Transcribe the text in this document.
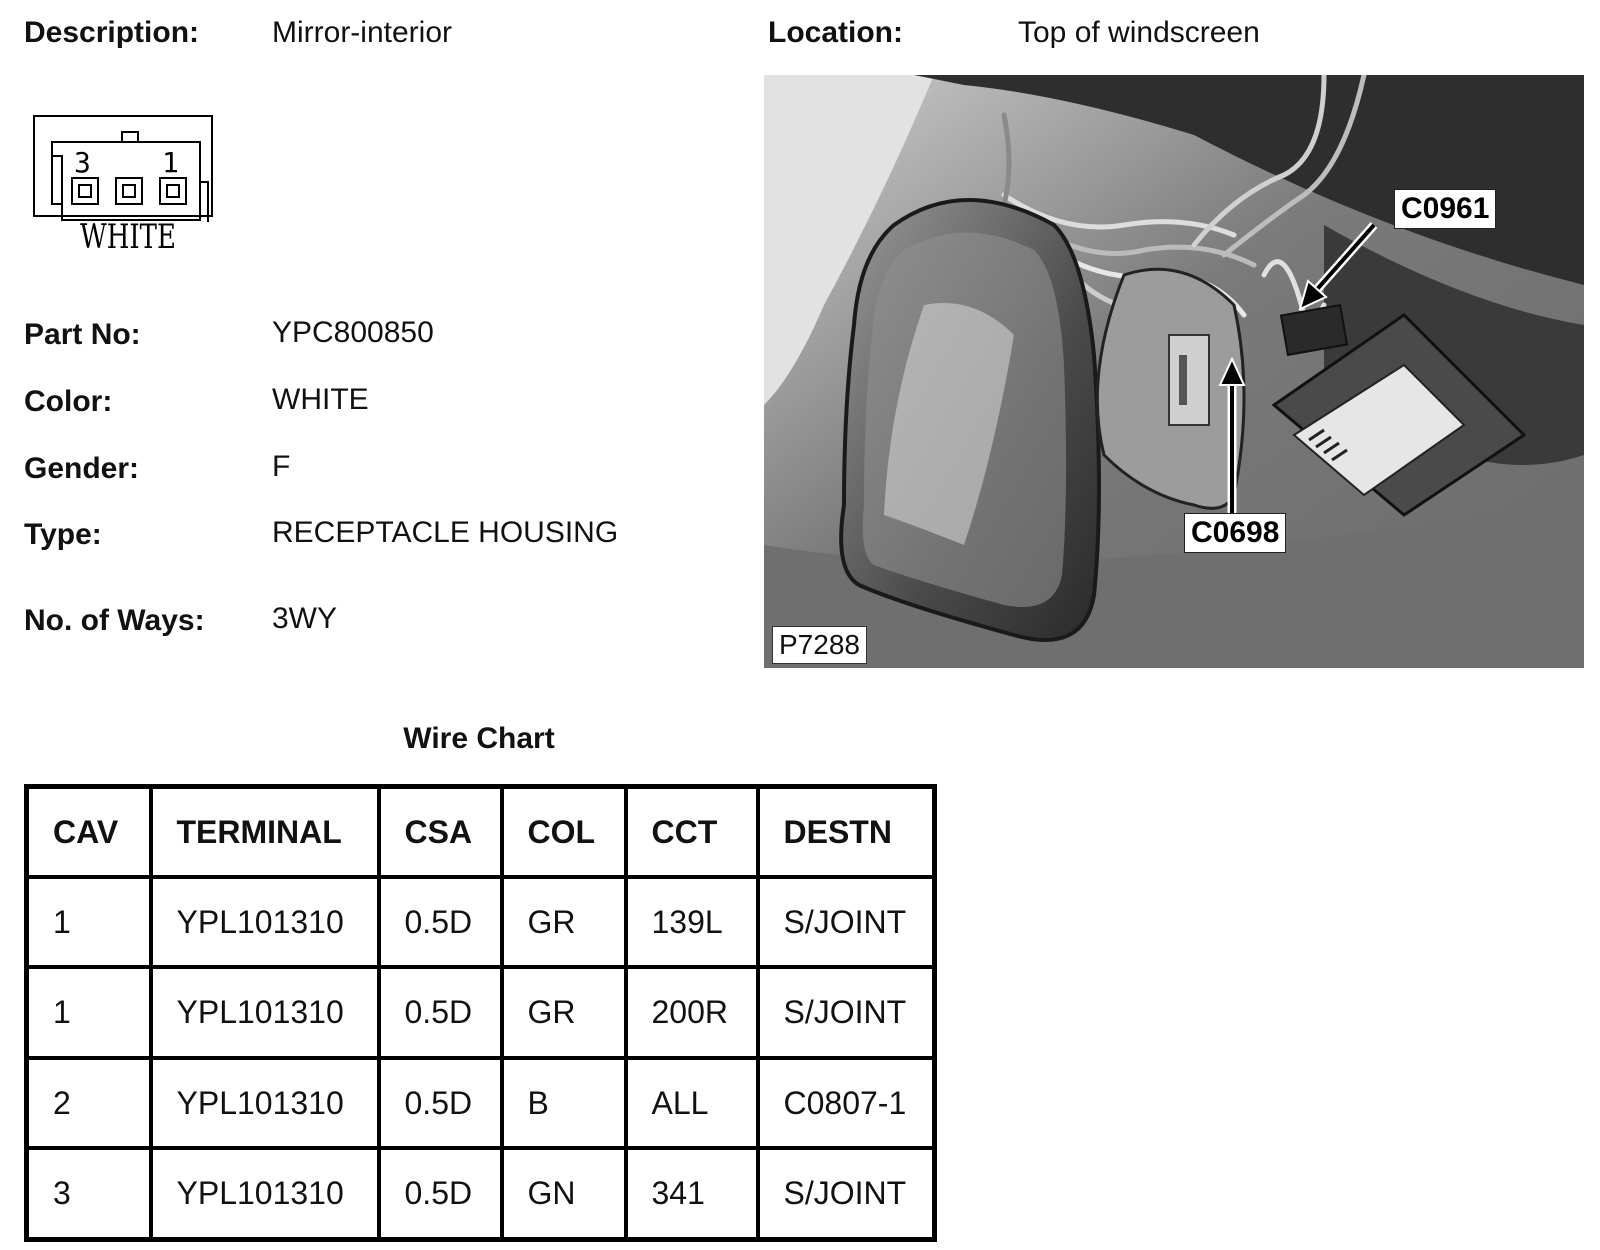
Description: Mirror-interior	Location:	Top of windscreen
3	1
WHITE
Part No:	YPC800850
Color:	WHITE
Gender:	F
Type:	RECEPTACLE HOUSING
No. of Ways: 3WY
C0961
C0698
P7288
Wire Chart
CAV	TERMINAL	CSA	COL	CCT	DESTN
1	YPL101310	0.5D	GR	139L	S/JOINT
1	YPL101310	0.5D	GR	200R	S/JOINT
2	YPL101310	0.5D	B	ALL	C0807-1
3	YPL101310	0.5D	GN	341	S/JOINT
